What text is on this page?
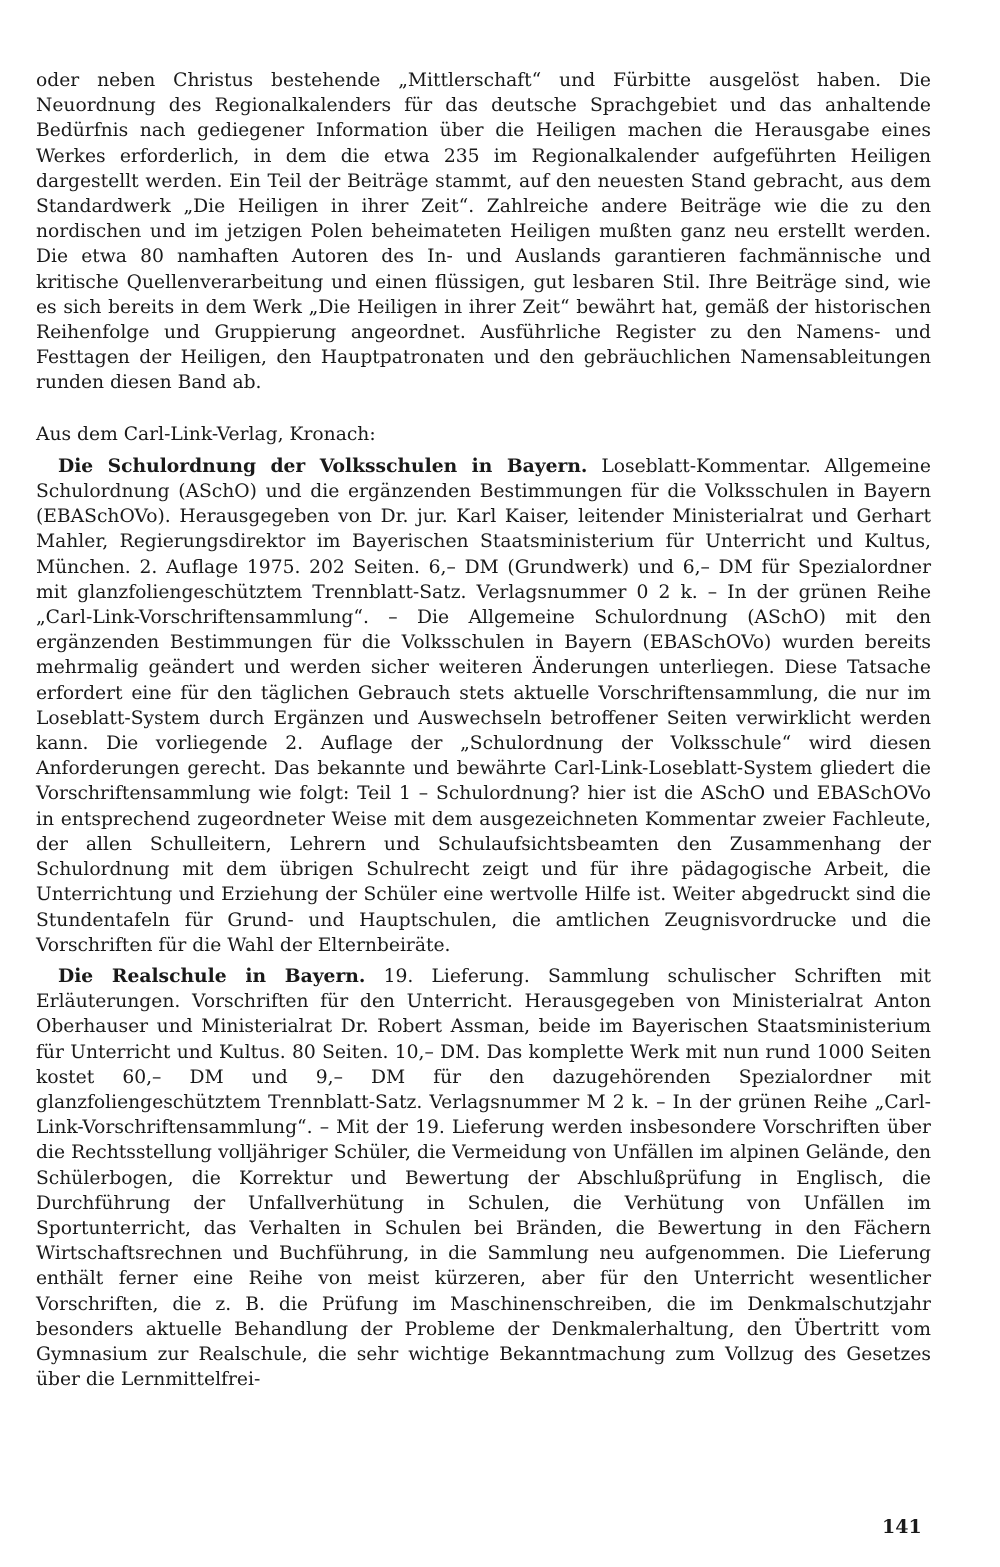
oder neben Christus bestehende „Mittlerschaft“ und Fürbitte ausgelöst haben. Die Neuordnung des Regionalkalenders für das deutsche Sprachgebiet und das anhaltende Bedürfnis nach gediegener Information über die Heiligen machen die Herausgabe eines Werkes erforderlich, in dem die etwa 235 im Regionalkalender aufgeführten Heiligen dargestellt werden. Ein Teil der Beiträge stammt, auf den neuesten Stand gebracht, aus dem Standardwerk „Die Heiligen in ihrer Zeit“. Zahlreiche andere Beiträge wie die zu den nordischen und im jetzigen Polen beheimateten Heiligen mußten ganz neu erstellt werden. Die etwa 80 namhaften Autoren des In- und Auslands garantieren fachmännische und kritische Quellenverarbeitung und einen flüssigen, gut lesbaren Stil. Ihre Beiträge sind, wie es sich bereits in dem Werk „Die Heiligen in ihrer Zeit“ bewährt hat, gemäß der historischen Reihenfolge und Gruppierung angeordnet. Ausführliche Register zu den Namens- und Festtagen der Heiligen, den Hauptpatronaten und den gebräuchlichen Namensableitungen runden diesen Band ab.

Aus dem Carl-Link-Verlag, Kronach:

Die Schulordnung der Volksschulen in Bayern. Loseblatt-Kommentar. Allgemeine Schulordnung (ASchO) und die ergänzenden Bestimmungen für die Volksschulen in Bayern (EBASchOVo). Herausgegeben von Dr. jur. Karl Kaiser, leitender Ministerialrat und Gerhart Mahler, Regierungsdirektor im Bayerischen Staatsministerium für Unterricht und Kultus, München. 2. Auflage 1975. 202 Seiten. 6,– DM (Grundwerk) und 6,– DM für Spezialordner mit glanzfoliengeschütztem Trennblatt-Satz. Verlagsnummer 0 2 k. – In der grünen Reihe „Carl-Link-Vorschriftensammlung“. – Die Allgemeine Schulordnung (ASchO) mit den ergänzenden Bestimmungen für die Volksschulen in Bayern (EBASchOVo) wurden bereits mehrmalig geändert und werden sicher weiteren Änderungen unterliegen. Diese Tatsache erfordert eine für den täglichen Gebrauch stets aktuelle Vorschriftensammlung, die nur im Loseblatt-System durch Ergänzen und Auswechseln betroffener Seiten verwirklicht werden kann. Die vorliegende 2. Auflage der „Schulordnung der Volksschule“ wird diesen Anforderungen gerecht. Das bekannte und bewährte Carl-Link-Loseblatt-System gliedert die Vorschriftensammlung wie folgt: Teil 1 – Schulordnung? hier ist die ASchO und EBASchOVo in entsprechend zugeordneter Weise mit dem ausgezeichneten Kommentar zweier Fachleute, der allen Schulleitern, Lehrern und Schulaufsichtsbeamten den Zusammenhang der Schulordnung mit dem übrigen Schulrecht zeigt und für ihre pädagogische Arbeit, die Unterrichtung und Erziehung der Schüler eine wertvolle Hilfe ist. Weiter abgedruckt sind die Stundentafeln für Grund- und Hauptschulen, die amtlichen Zeugnisvordrucke und die Vorschriften für die Wahl der Elternbeiräte.

Die Realschule in Bayern. 19. Lieferung. Sammlung schulischer Schriften mit Erläuterungen. Vorschriften für den Unterricht. Herausgegeben von Ministerialrat Anton Oberhauser und Ministerialrat Dr. Robert Assman, beide im Bayerischen Staatsministerium für Unterricht und Kultus. 80 Seiten. 10,– DM. Das komplette Werk mit nun rund 1000 Seiten kostet 60,– DM und 9,– DM für den dazugehörenden Spezialordner mit glanzfoliengeschütztem Trennblatt-Satz. Verlagsnummer M 2 k. – In der grünen Reihe „Carl-Link-Vorschriftensammlung“. – Mit der 19. Lieferung werden insbesondere Vorschriften über die Rechtsstellung volljähriger Schüler, die Vermeidung von Unfällen im alpinen Gelände, den Schülerbogen, die Korrektur und Bewertung der Abschlußprüfung in Englisch, die Durchführung der Unfallverhütung in Schulen, die Verhütung von Unfällen im Sportunterricht, das Verhalten in Schulen bei Bränden, die Bewertung in den Fächern Wirtschaftsrechnen und Buchführung, in die Sammlung neu aufgenommen. Die Lieferung enthält ferner eine Reihe von meist kürzeren, aber für den Unterricht wesentlicher Vorschriften, die z. B. die Prüfung im Maschinenschreiben, die im Denkmalschutzjahr besonders aktuelle Behandlung der Probleme der Denkmalerhaltung, den Übertritt vom Gymnasium zur Realschule, die sehr wichtige Bekanntmachung zum Vollzug des Gesetzes über die Lernmittelfrei-

141
